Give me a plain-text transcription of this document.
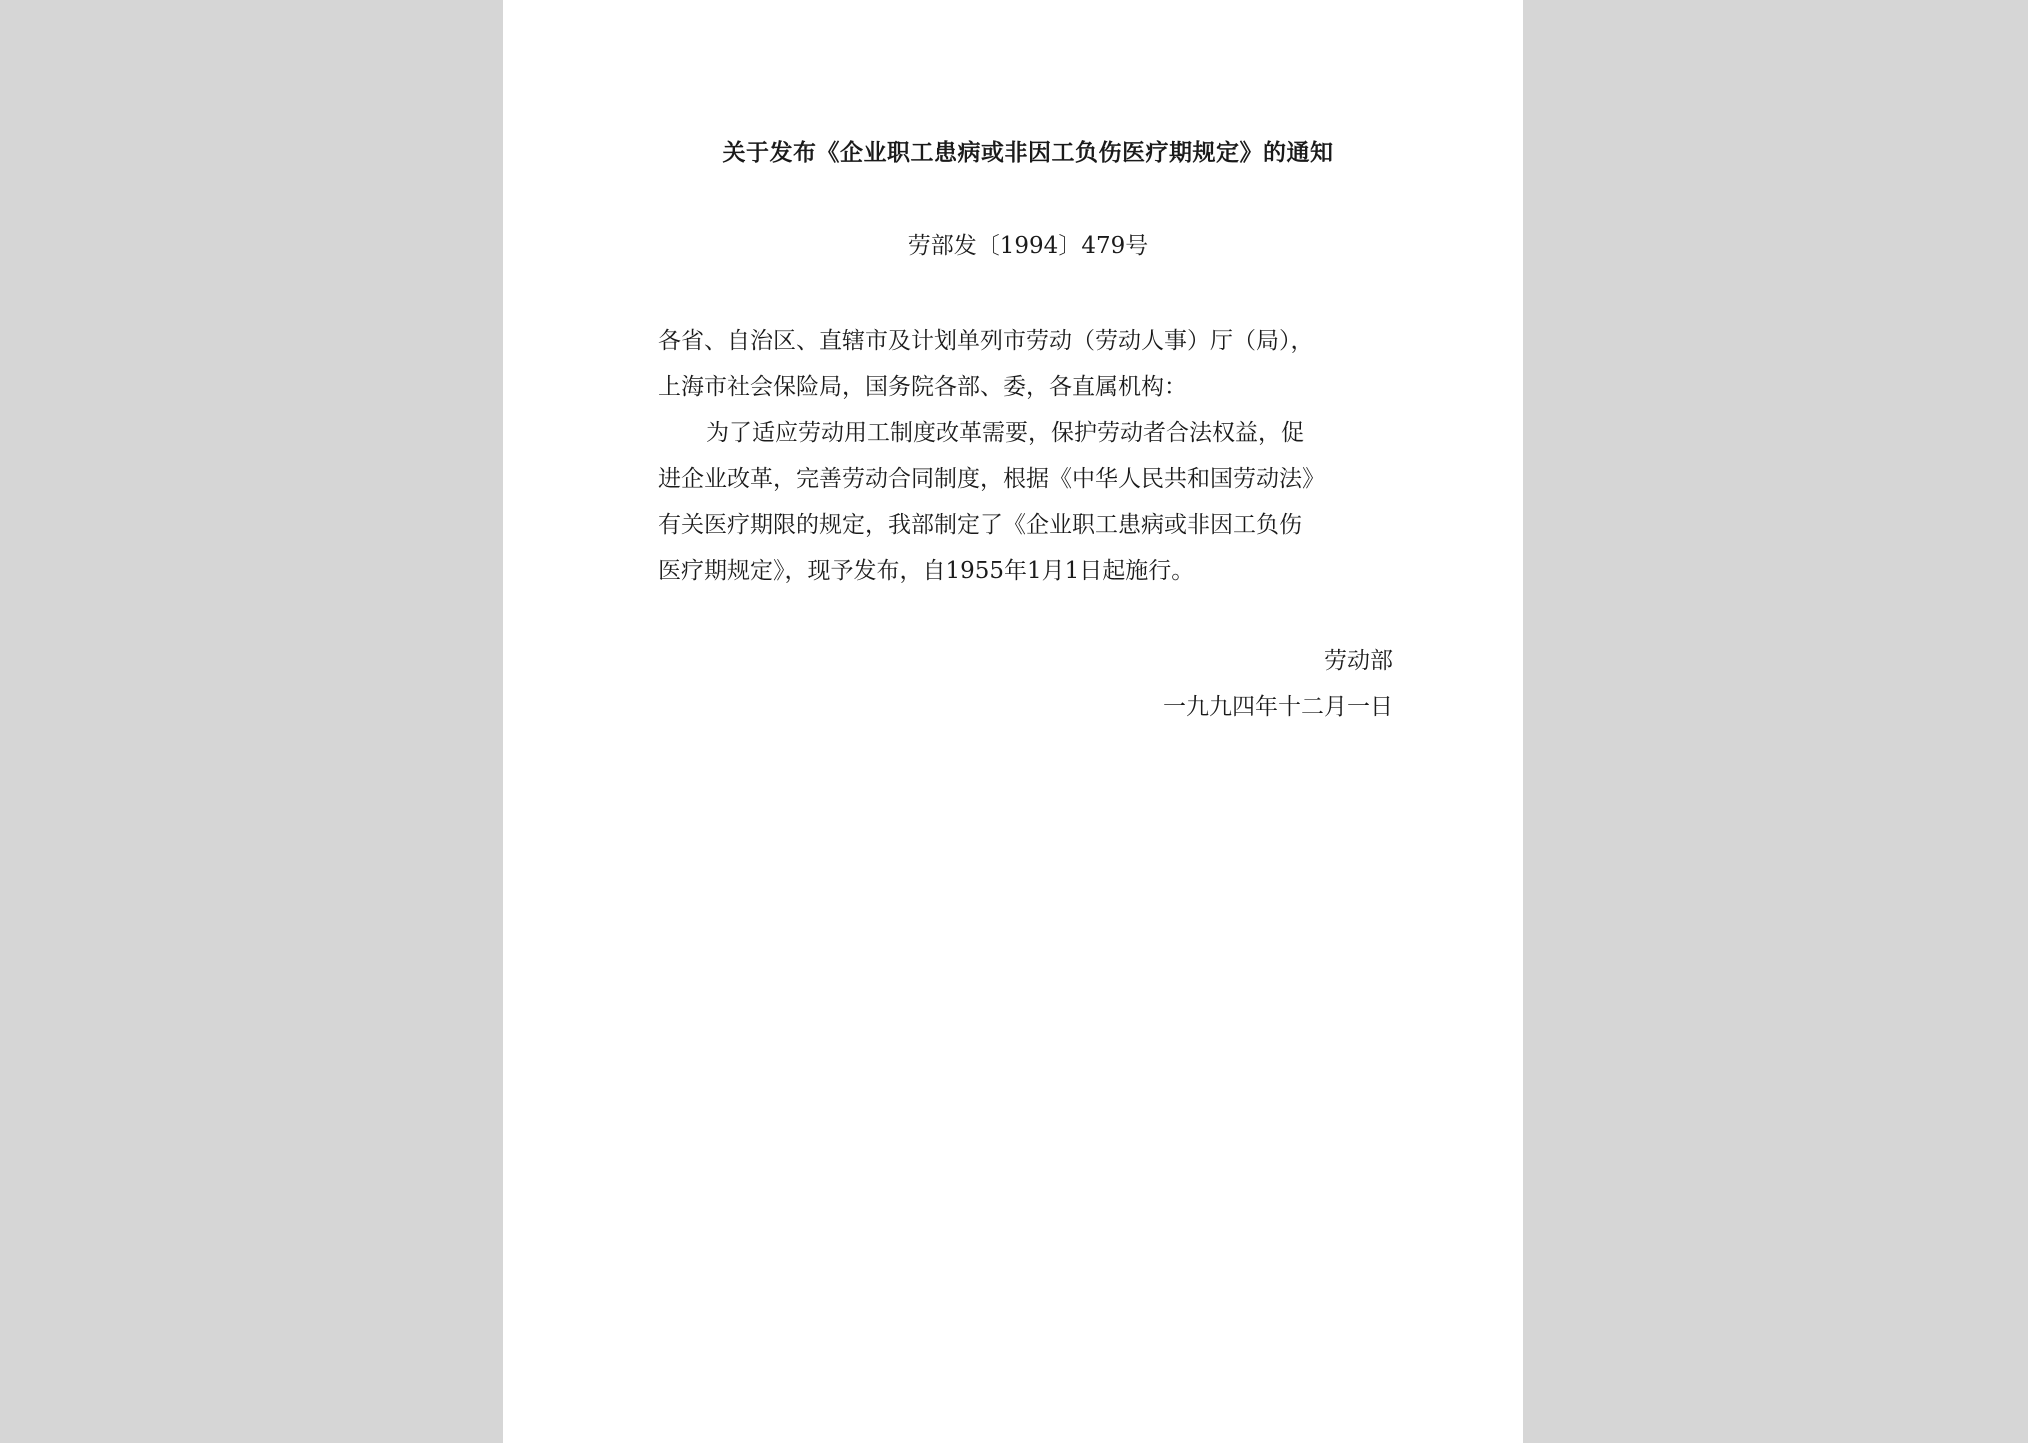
关于发布《企业职工患病或非因工负伤医疗期规定》的通知
劳部发〔1994〕479号
各省、自治区、直辖市及计划单列市劳动（劳动人事）厅（局），
上海市社会保险局，国务院各部、委，各直属机构：
为了适应劳动用工制度改革需要，保护劳动者合法权益，促
进企业改革，完善劳动合同制度，根据《中华人民共和国劳动法》
有关医疗期限的规定，我部制定了《企业职工患病或非因工负伤
医疗期规定》，现予发布，自1955年1月1日起施行。
劳动部
一九九四年十二月一日
